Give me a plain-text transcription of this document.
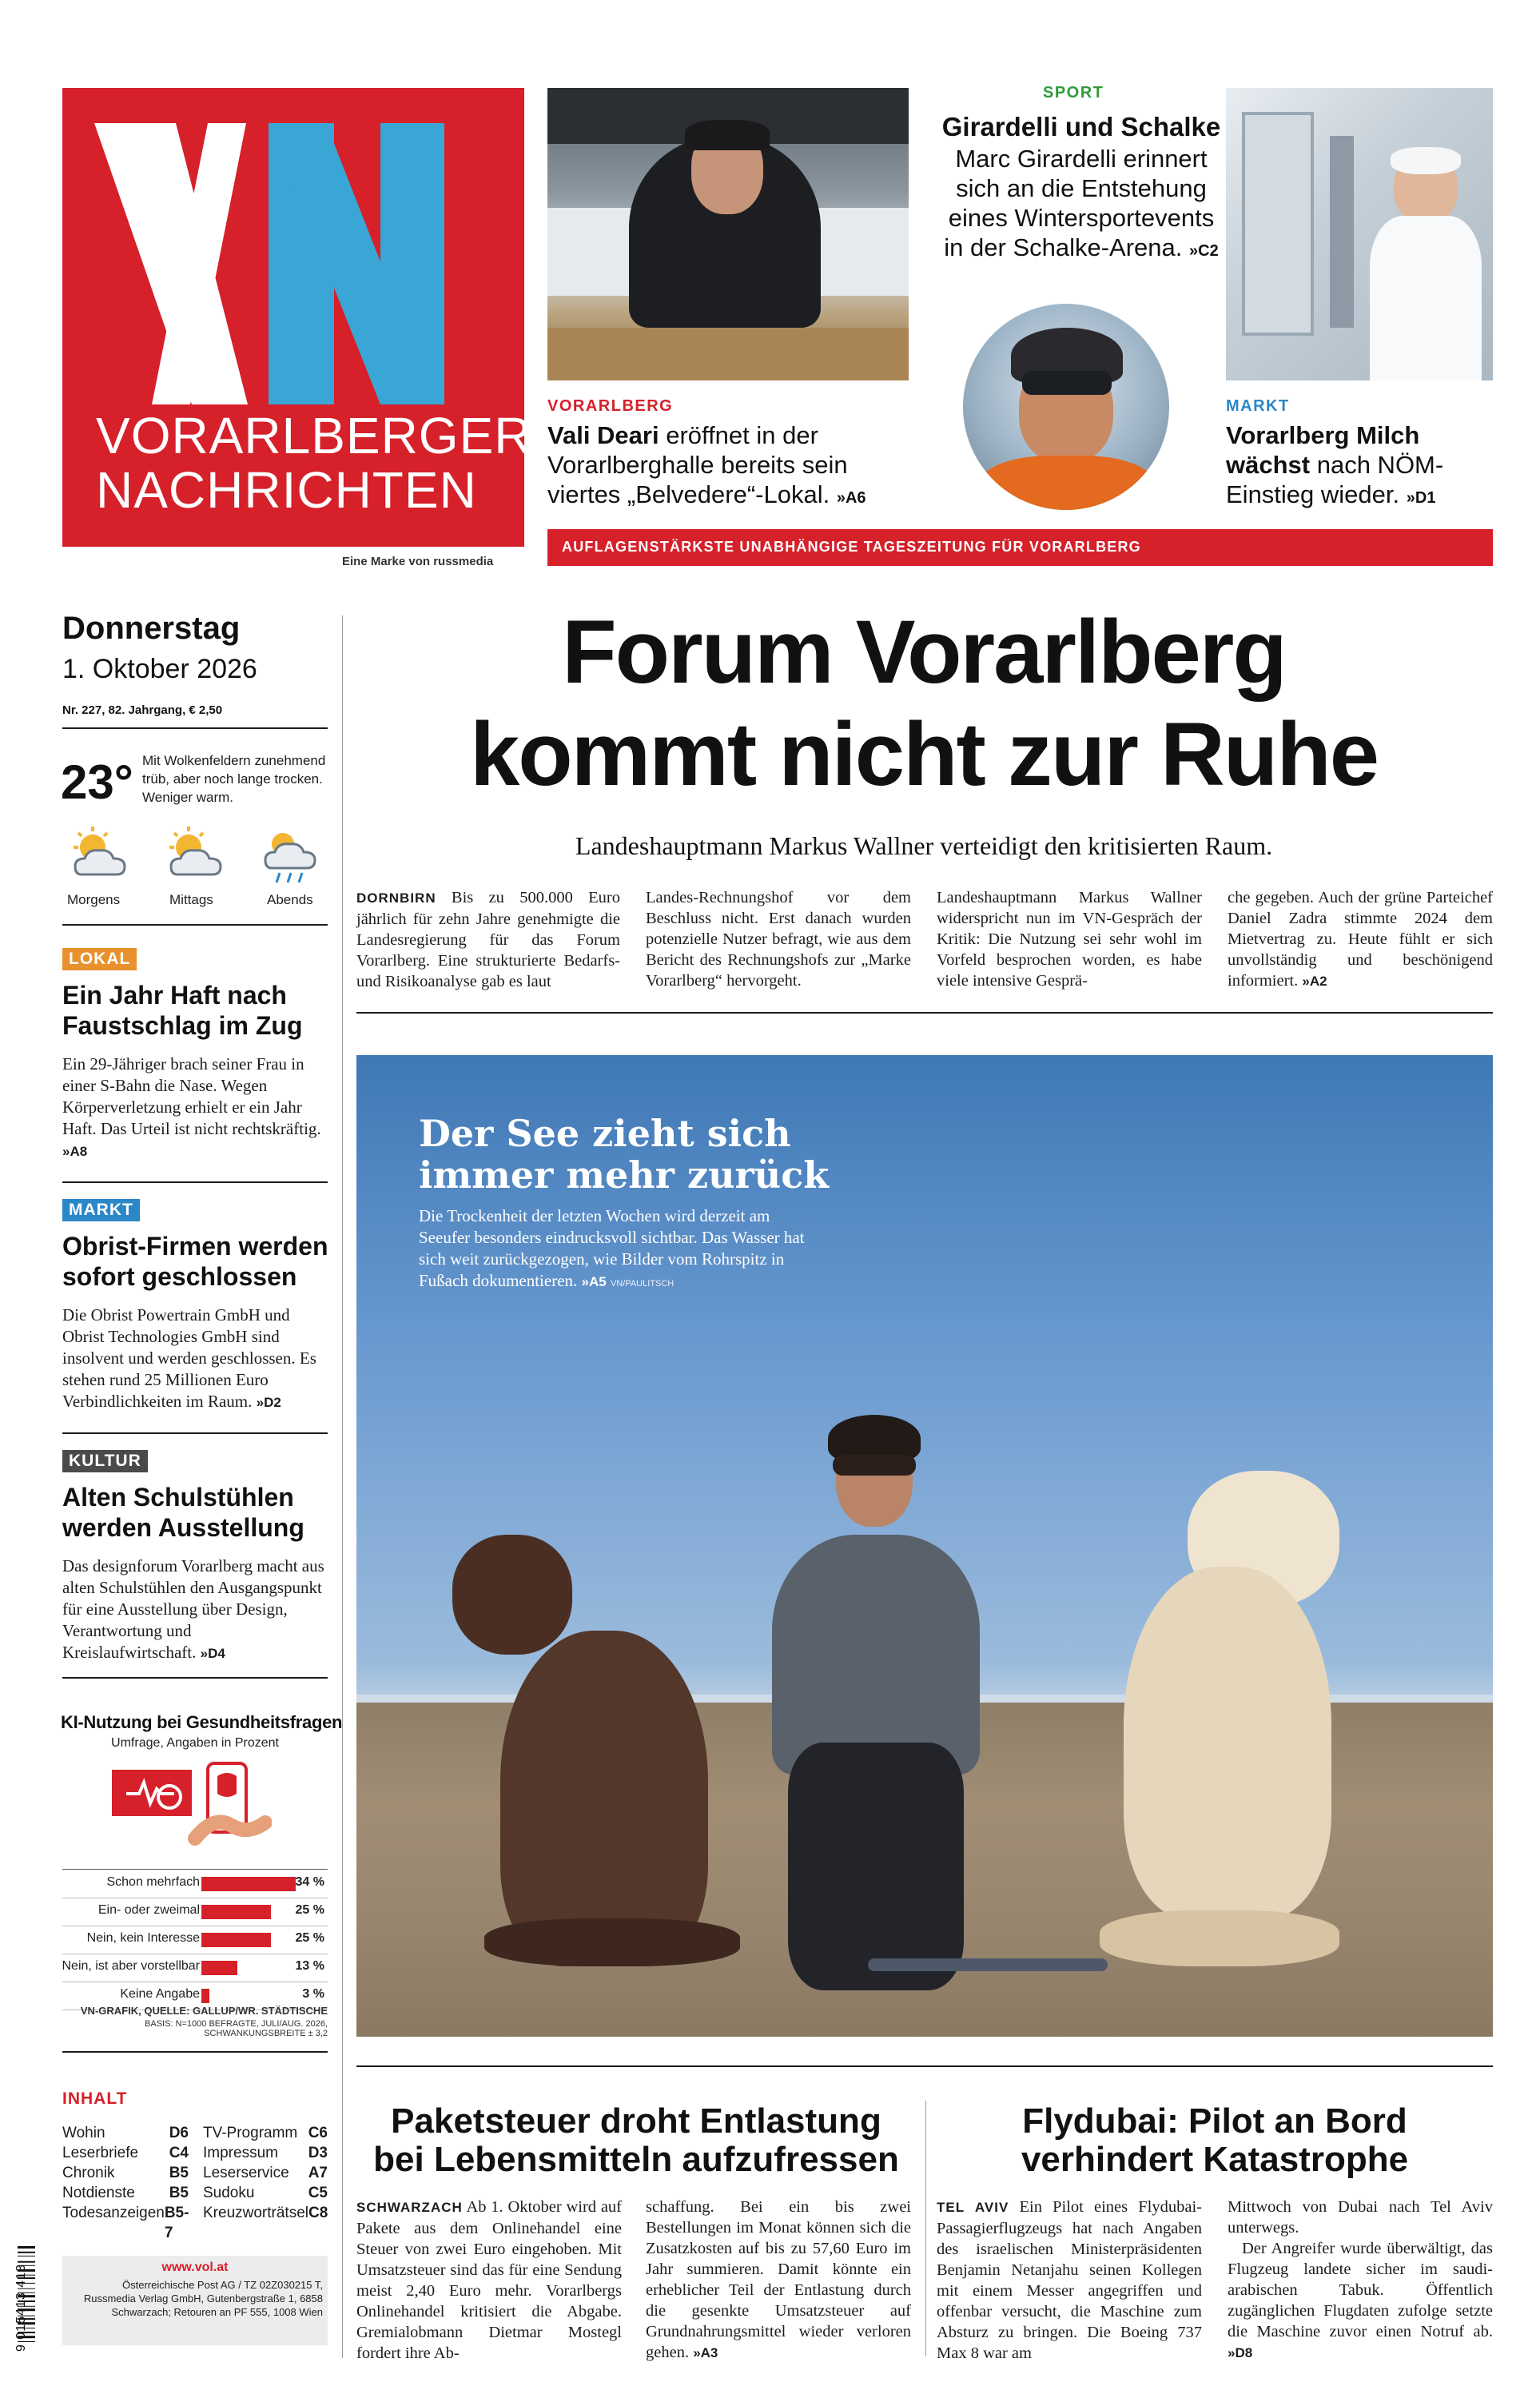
VORARLBERGER
NACHRICHTEN
Eine Marke von russmedia
VORARLBERG
Vali Deari eröffnet in der Vorarlberghalle bereits sein viertes „Belvedere“-Lokal. »A6
SPORT
Girardelli und Schalke
Marc Girardelli erinnert sich an die Entstehung eines Wintersportevents in der Schalke-Arena. »C2
MARKT
Vorarlberg Milch wächst nach NÖM-Einstieg wieder. »D1
AUFLAGENSTÄRKSTE UNABHÄNGIGE TAGESZEITUNG FÜR VORARLBERG
Donnerstag
1. Oktober 2026
Nr. 227, 82. Jahrgang, € 2,50
23° Mit Wolkenfeldern zunehmend trüb, aber noch lange trocken. Weniger warm.
Morgens	Mittags	Abends
LOKAL
Ein Jahr Haft nach Faustschlag im Zug
Ein 29-Jähriger brach seiner Frau in einer S-Bahn die Nase. Wegen Körperverletzung erhielt er ein Jahr Haft. Das Urteil ist nicht rechtskräftig. »A8
MARKT
Obrist-Firmen werden sofort geschlossen
Die Obrist Powertrain GmbH und Obrist Technologies GmbH sind insolvent und werden geschlossen. Es stehen rund 25 Millionen Euro Verbindlichkeiten im Raum. »D2
KULTUR
Alten Schulstühlen werden Ausstellung
Das designforum Vorarlberg macht aus alten Schulstühlen den Ausgangspunkt für eine Ausstellung über Design, Verantwortung und Kreislaufwirtschaft. »D4
KI-Nutzung bei Gesundheitsfragen
Umfrage, Angaben in Prozent
Schon mehrfach	34 %
Ein- oder zweimal	25 %
Nein, kein Interesse	25 %
Nein, ist aber vorstellbar	13 %
Keine Angabe	3 %
VN-GRAFIK, QUELLE: GALLUP/WR. STÄDTISCHE
BASIS: N=1000 BEFRAGTE, JULI/AUG. 2026, SCHWANKUNGSBREITE ± 3,2
INHALT
Wohin	D6
Leserbriefe C4
Chronik	B5
Notdienste B5
Todesanzeigen B5-7
TV-Programm C6
Impressum D3
Leserservice A7
Sudoku	C5
Kreuzworträtsel C8
9 015413 413	www.vol.at
Österreichische Post AG / TZ 02Z030215 T, Russmedia Verlag GmbH, Gutenbergstraße 1, 6858 Schwarzach; Retouren an PF 555, 1008 Wien
Forum Vorarlberg
kommt nicht zur Ruhe
Landeshauptmann Markus Wallner verteidigt den kritisierten Raum.
DORNBIRN Bis zu 500.000 Euro jährlich für zehn Jahre genehmigte die Landesregierung für das Forum Vorarlberg. Eine strukturierte Bedarfs- und Risikoanalyse gab es laut
Landes-Rechnungshof vor dem Beschluss nicht. Erst danach wurden potenzielle Nutzer befragt, wie aus dem Bericht des Rechnungshofs zur „Marke Vorarlberg“ hervorgeht.
Landeshauptmann Markus Wallner widerspricht nun im VN-Gespräch der Kritik: Die Nutzung sei sehr wohl im Vorfeld besprochen worden, es habe viele intensive Gesprä-
che gegeben. Auch der grüne Parteichef Daniel Zadra stimmte 2024 dem Mietvertrag zu. Heute fühlt er sich unvollständig und beschönigend informiert. »A2
Der See zieht sich
immer mehr zurück
Die Trockenheit der letzten Wochen wird derzeit am Seeufer besonders eindrucksvoll sichtbar. Das Wasser hat sich weit zurückgezogen, wie Bilder vom Rohrspitz in Fußach dokumentieren. »A5 VN/PAULITSCH
Paketsteuer droht Entlastung
bei Lebensmitteln aufzufressen
SCHWARZACH Ab 1. Oktober wird auf Pakete aus dem Onlinehandel eine Steuer von zwei Euro eingehoben. Mit Umsatzsteuer sind das für eine Sendung meist 2,40 Euro mehr. Vorarlbergs Onlinehandel kritisiert die Abgabe. Gremialobmann Dietmar Mostegl fordert ihre Ab-
schaffung. Bei ein bis zwei Bestellungen im Monat können sich die Zusatzkosten auf bis zu 57,60 Euro im Jahr summieren. Damit könnte ein erheblicher Teil der Entlastung durch die gesenkte Umsatzsteuer auf Grundnahrungsmittel wieder verloren gehen. »A3
Flydubai: Pilot an Bord
verhindert Katastrophe
TEL AVIV Ein Pilot eines Flydubai-Passagierflugzeugs hat nach Angaben des israelischen Ministerpräsidenten Benjamin Netanjahu seinen Kollegen mit einem Messer angegriffen und offenbar versucht, die Maschine zum Absturz zu bringen. Die Boeing 737 Max 8 war am
Mittwoch von Dubai nach Tel Aviv unterwegs.
Der Angreifer wurde überwältigt, das Flugzeug landete sicher im saudi-arabischen Tabuk. Öffentlich zugänglichen Flugdaten zufolge setzte die Maschine zuvor einen Notruf ab. »D8
